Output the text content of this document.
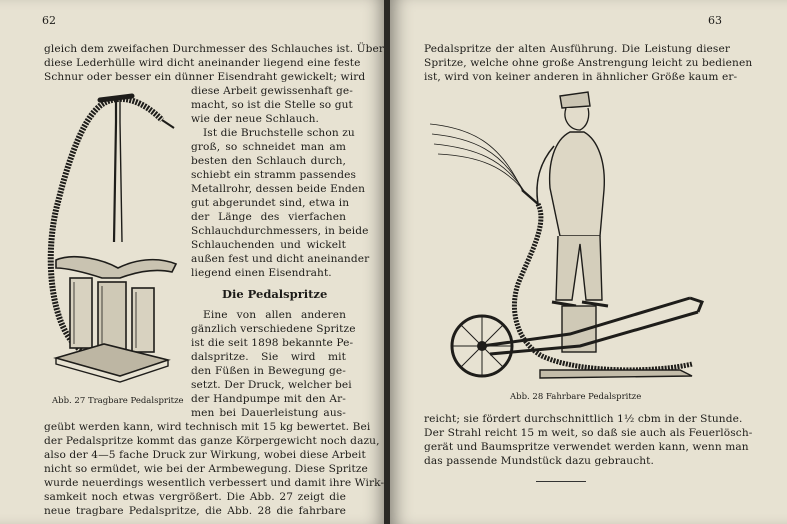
62
gleich dem zweifachen Durchmesser des Schlauches ist. Über
diese Lederhülle wird dicht aneinander liegend eine feste
Schnur oder besser ein dünner Eisendraht gewickelt; wird
diese Arbeit gewissenhaft ge-
macht, so ist die Stelle so gut
wie der neue Schlauch.
Ist die Bruchstelle schon zu
groß, so schneidet man am
besten den Schlauch durch,
schiebt ein stramm passendes
Metallrohr, dessen beide Enden
gut abgerundet sind, etwa in
der Länge des vierfachen
Schlauchdurchmessers, in beide
Schlauchenden und wickelt
außen fest und dicht aneinander
liegend einen Eisendraht.
Die Pedalspritze
Eine von allen anderen
gänzlich verschiedene Spritze
ist die seit 1898 bekannte Pe-
dalspritze. Sie wird mit
den Füßen in Bewegung ge-
setzt. Der Druck, welcher bei
der Handpumpe mit den Ar-
men bei Dauerleistung aus-
geübt werden kann, wird technisch mit 15 kg bewertet. Bei
der Pedalspritze kommt das ganze Körpergewicht noch dazu,
also der 4—5 fache Druck zur Wirkung, wobei diese Arbeit
nicht so ermüdet, wie bei der Armbewegung. Diese Spritze
wurde neuerdings wesentlich verbessert und damit ihre Wirk-
samkeit noch etwas vergrößert. Die Abb. 27 zeigt die
neue tragbare Pedalspritze, die Abb. 28 die fahrbare
Abb. 27 Tragbare Pedalspritze
63
Pedalspritze der alten Ausführung. Die Leistung dieser
Spritze, welche ohne große Anstrengung leicht zu bedienen
ist, wird von keiner anderen in ähnlicher Größe kaum er-
Abb. 28 Fahrbare Pedalspritze
reicht; sie fördert durchschnittlich 1½ cbm in der Stunde.
Der Strahl reicht 15 m weit, so daß sie auch als Feuerlösch-
gerät und Baumspritze verwendet werden kann, wenn man
das passende Mundstück dazu gebraucht.
